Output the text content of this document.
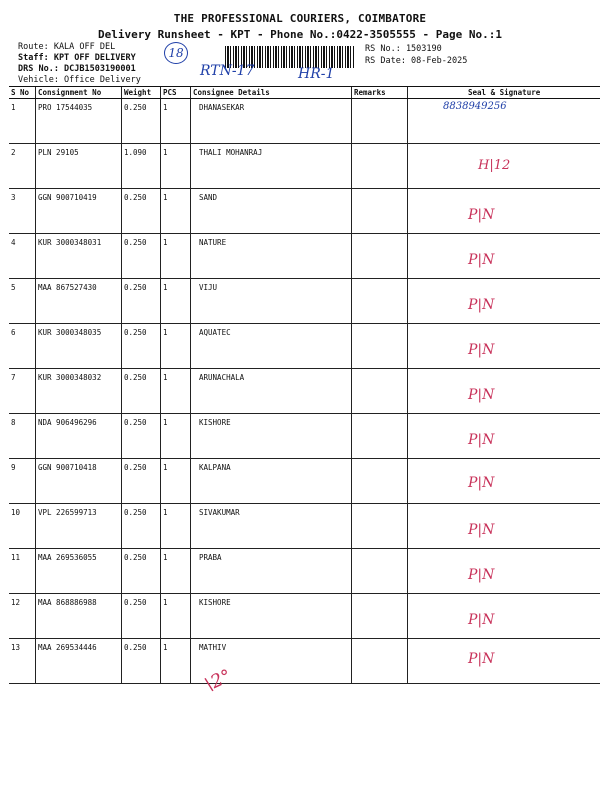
THE PROFESSIONAL COURIERS, COIMBATORE
Delivery Runsheet - KPT - Phone No.:0422-3505555 - Page No.:1
Route: KALA OFF DEL
Staff: KPT OFF DELIVERY
DRS No.: DCJB1503190001
Vehicle: Office Delivery
RS No.: 1503190
RS Date: 08-Feb-2025
18
RTN-17	HR-1
S No	Consignment No	Weight	PCS	Consignee Details	Remarks	Seal & Signature
1	PRO 17544035	0.250	1	DHANASEKAR		8838949256

2	PLN 29105	1.090	1	THALI MOHANRAJ		H|12

3	GGN 900710419	0.250	1	SAND		P|N

4	KUR 3000348031	0.250	1	NATURE		P|N

5	MAA 867527430	0.250	1	VIJU		P|N

6	KUR 3000348035	0.250	1	AQUATEC		P|N

7	KUR 3000348032	0.250	1	ARUNACHALA		P|N

8	NDA 906496296	0.250	1	KISHORE		P|N

9	GGN 900710418	0.250	1	KALPANA		P|N

10	VPL 226599713	0.250	1	SIVAKUMAR		P|N

11	MAA 269536055	0.250	1	PRABA		P|N

12	MAA 868886988	0.250	1	KISHORE		P|N

13	MAA 269534446	0.250	1	MATHIV		P|N
\2°
